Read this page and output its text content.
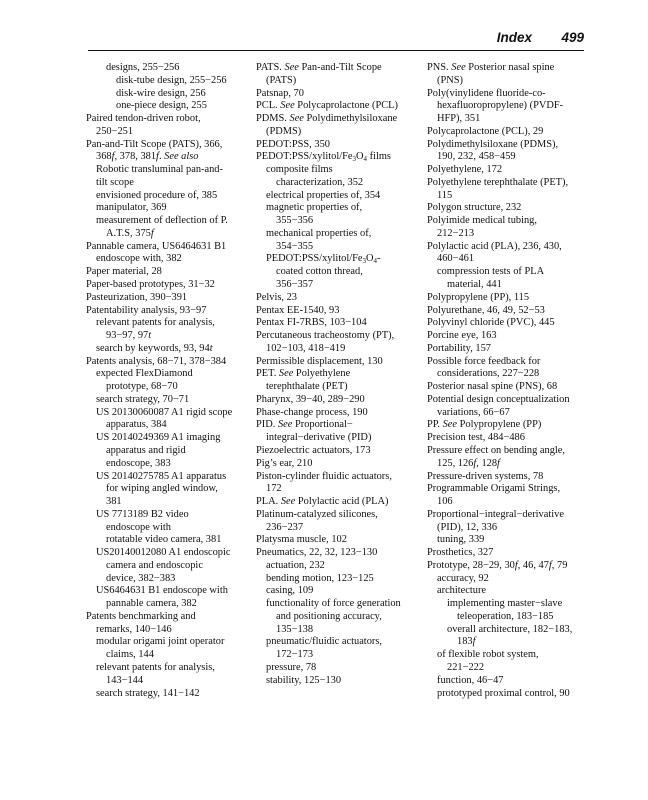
Index 499
designs, 255−256
disk-tube design, 255−256
disk-wire design, 256
one-piece design, 255
Paired tendon-driven robot,
250−251
Pan-and-Tilt Scope (PATS), 366,
368f, 378, 381f. See also
Robotic transluminal pan-and-
tilt scope
envisioned procedure of, 385
manipulator, 369
measurement of deflection of P.
A.T.S, 375f
Pannable camera, US6464631 B1
endoscope with, 382
Paper material, 28
Paper-based prototypes, 31−32
Pasteurization, 390−391
Patentability analysis, 93−97
relevant patents for analysis,
93−97, 97t
search by keywords, 93, 94t
Patents analysis, 68−71, 378−384
expected FlexDiamond
prototype, 68−70
search strategy, 70−71
US 20130060087 A1 rigid scope
apparatus, 384
US 20140249369 A1 imaging
apparatus and rigid
endoscope, 383
US 20140275785 A1 apparatus
for wiping angled window,
381
US 7713189 B2 video
endoscope with
rotatable video camera, 381
US20140012080 A1 endoscopic
camera and endoscopic
device, 382−383
US6464631 B1 endoscope with
pannable camera, 382
Patents benchmarking and
remarks, 140−146
modular origami joint operator
claims, 144
relevant patents for analysis,
143−144
search strategy, 141−142
PATS. See Pan-and-Tilt Scope
(PATS)
Patsnap, 70
PCL. See Polycaprolactone (PCL)
PDMS. See Polydimethylsiloxane
(PDMS)
PEDOT:PSS, 350
$PEDOT:PSS/xylitol/Fe_3O_4$ films
composite films
characterization, 352
electrical properties of, 354
magnetic properties of,
355−356
mechanical properties of,
354−355
$PEDOT:PSS/xylitol/Fe_3O_4-$
coated cotton thread,
356−357
Pelvis, 23
Pentax EE-1540, 93
Pentax FI-7RBS, 103−104
Percutaneous tracheostomy (PT),
102−103, 418−419
Permissible displacement, 130
PET. See Polyethylene
terephthalate (PET)
Pharynx, 39−40, 289−290
Phase-change process, 190
PID. See Proportional−
integral−derivative (PID)
Piezoelectric actuators, 173
Pig’s ear, 210
Piston-cylinder fluidic actuators,
172
PLA. See Polylactic acid (PLA)
Platinum-catalyzed silicones,
236−237
Platysma muscle, 102
Pneumatics, 22, 32, 123−130
actuation, 232
bending motion, 123−125
casing, 109
functionality of force generation
and positioning accuracy,
135−138
pneumatic/fluidic actuators,
172−173
pressure, 78
stability, 125−130
PNS. See Posterior nasal spine
(PNS)
Poly(vinylidene fluoride-co-
hexafluoropropylene) (PVDF-
HFP), 351
Polycaprolactone (PCL), 29
Polydimethylsiloxane (PDMS),
190, 232, 458−459
Polyethylene, 172
Polyethylene terephthalate (PET),
115
Polygon structure, 232
Polyimide medical tubing,
212−213
Polylactic acid (PLA), 236, 430,
460−461
compression tests of PLA
material, 441
Polypropylene (PP), 115
Polyurethane, 46, 49, 52−53
Polyvinyl chloride (PVC), 445
Porcine eye, 163
Portability, 157
Possible force feedback for
considerations, 227−228
Posterior nasal spine (PNS), 68
Potential design conceptualization
variations, 66−67
PP. See Polypropylene (PP)
Precision test, 484−486
Pressure effect on bending angle,
125, 126f, 128f
Pressure-driven systems, 78
Programmable Origami Strings,
106
Proportional−integral−derivative
(PID), 12, 336
tuning, 339
Prosthetics, 327
Prototype, 28−29, 30f, 46, 47f, 79
accuracy, 92
architecture
implementing master−slave
teleoperation, 183−185
overall architecture, 182−183,
183f
of flexible robot system,
221−222
function, 46−47
prototyped proximal control, 90
